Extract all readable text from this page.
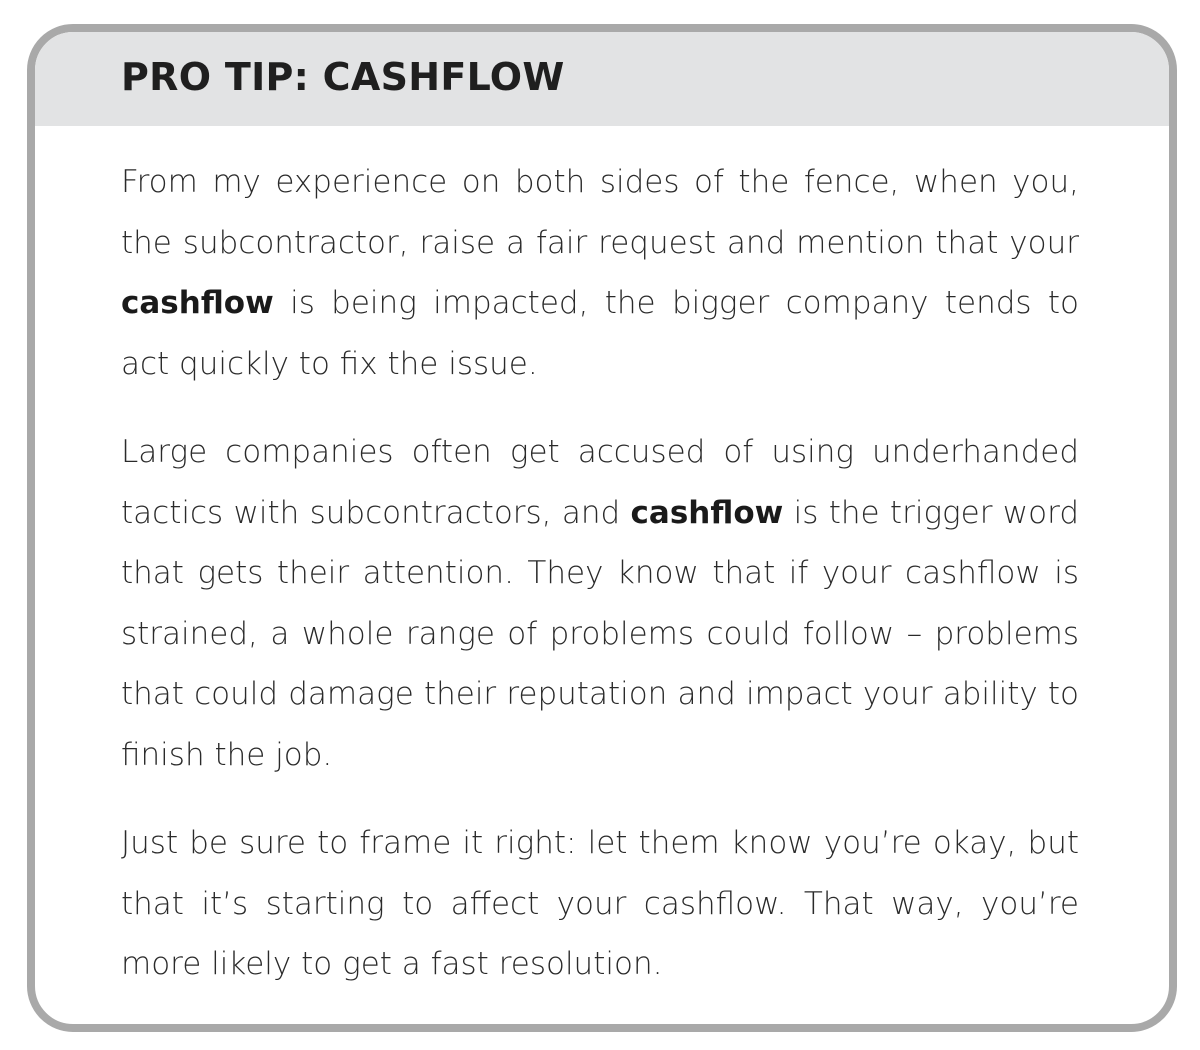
PRO TIP: CASHFLOW

From my experience on both sides of the fence, when you, the subcontractor, raise a fair request and mention that your cashflow is being impacted, the bigger company tends to act quickly to fix the issue.

Large companies often get accused of using underhanded tactics with subcontractors, and cashflow is the trigger word that gets their attention. They know that if your cashflow is strained, a whole range of problems could follow – problems that could damage their reputation and impact your ability to finish the job.

Just be sure to frame it right: let them know you’re okay, but that it’s starting to affect your cashflow. That way, you’re more likely to get a fast resolution.
